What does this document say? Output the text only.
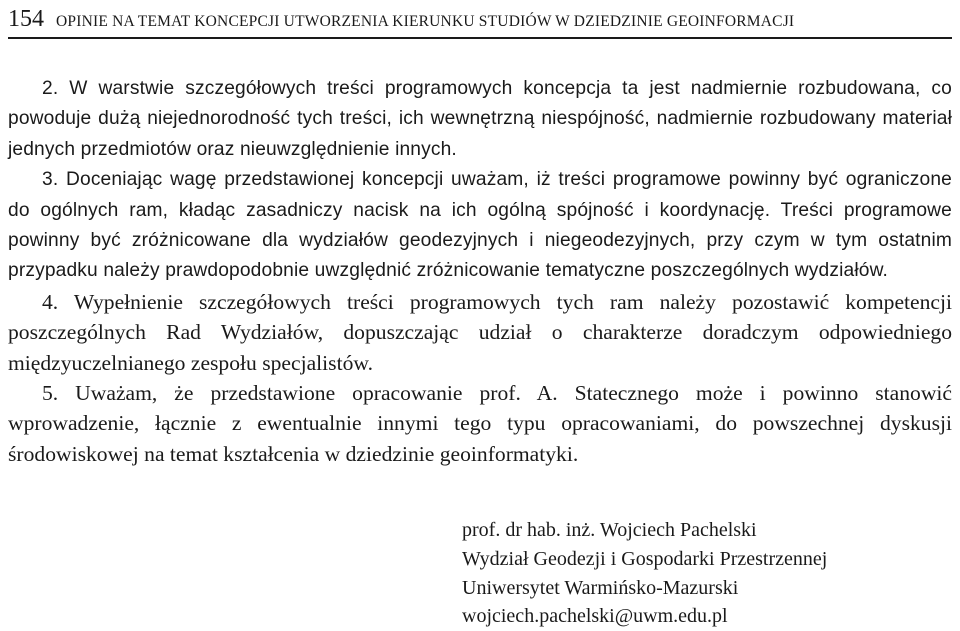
154 OPINIE NA TEMAT KONCEPCJI UTWORZENIA KIERUNKU STUDIÓW W DZIEDZINIE GEOINFORMACJI

2. W warstwie szczegółowych treści programowych koncepcja ta jest nadmiernie rozbudowana, co powoduje dużą niejednorodność tych treści, ich wewnętrzną niespójność, nadmiernie rozbudowany materiał jednych przedmiotów oraz nieuwzględnienie innych.

3. Doceniając wagę przedstawionej koncepcji uważam, iż treści programowe powinny być ograniczone do ogólnych ram, kładąc zasadniczy nacisk na ich ogólną spójność i koordynację. Treści programowe powinny być zróżnicowane dla wydziałów geodezyjnych i niegeodezyjnych, przy czym w tym ostatnim przypadku należy prawdopodobnie uwzględnić zróżnicowanie tematyczne poszczególnych wydziałów.

4. Wypełnienie szczegółowych treści programowych tych ram należy pozostawić kompetencji poszczególnych Rad Wydziałów, dopuszczając udział o charakterze doradczym odpowiedniego międzyuczelnianego zespołu specjalistów.

5. Uważam, że przedstawione opracowanie prof. A. Statecznego może i powinno stanowić wprowadzenie, łącznie z ewentualnie innymi tego typu opracowaniami, do powszechnej dyskusji środowiskowej na temat kształcenia w dziedzinie geoinformatyki.

prof. dr hab. inż. Wojciech Pachelski
Wydział Geodezji i Gospodarki Przestrzennej
Uniwersytet Warmińsko-Mazurski
wojciech.pachelski@uwm.edu.pl
